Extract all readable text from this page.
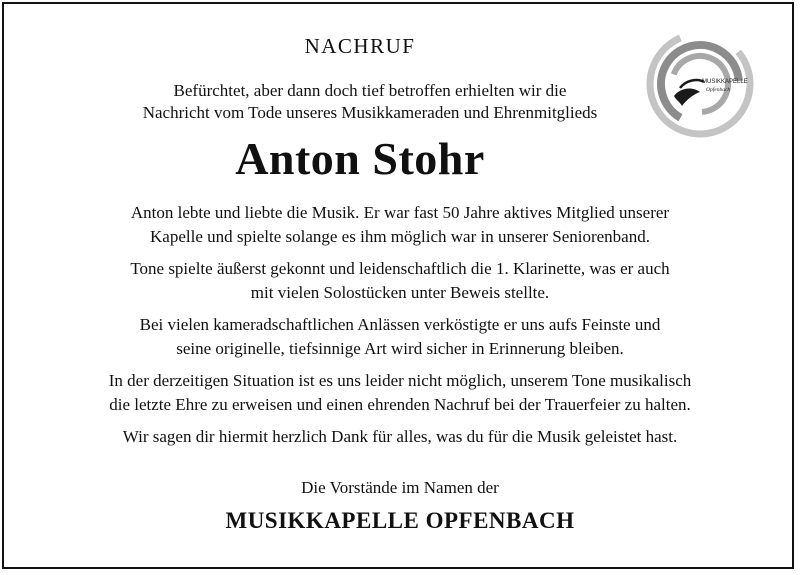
NACHRUF
Befürchtet, aber dann doch tief betroffen erhielten wir die
Nachricht vom Tode unseres Musikkameraden und Ehrenmitglieds
Anton Stohr
Anton lebte und liebte die Musik. Er war fast 50 Jahre aktives Mitglied unserer
Kapelle und spielte solange es ihm möglich war in unserer Seniorenband.
Tone spielte äußerst gekonnt und leidenschaftlich die 1. Klarinette, was er auch
mit vielen Solostücken unter Beweis stellte.
Bei vielen kameradschaftlichen Anlässen verköstigte er uns aufs Feinste und
seine originelle, tiefsinnige Art wird sicher in Erinnerung bleiben.
In der derzeitigen Situation ist es uns leider nicht möglich, unserem Tone musikalisch
die letzte Ehre zu erweisen und einen ehrenden Nachruf bei der Trauerfeier zu halten.
Wir sagen dir hiermit herzlich Dank für alles, was du für die Musik geleistet hast.
Die Vorstände im Namen der
MUSIKKAPELLE OPFENBACH
MUSIKKAPELLE
Opfenbach
